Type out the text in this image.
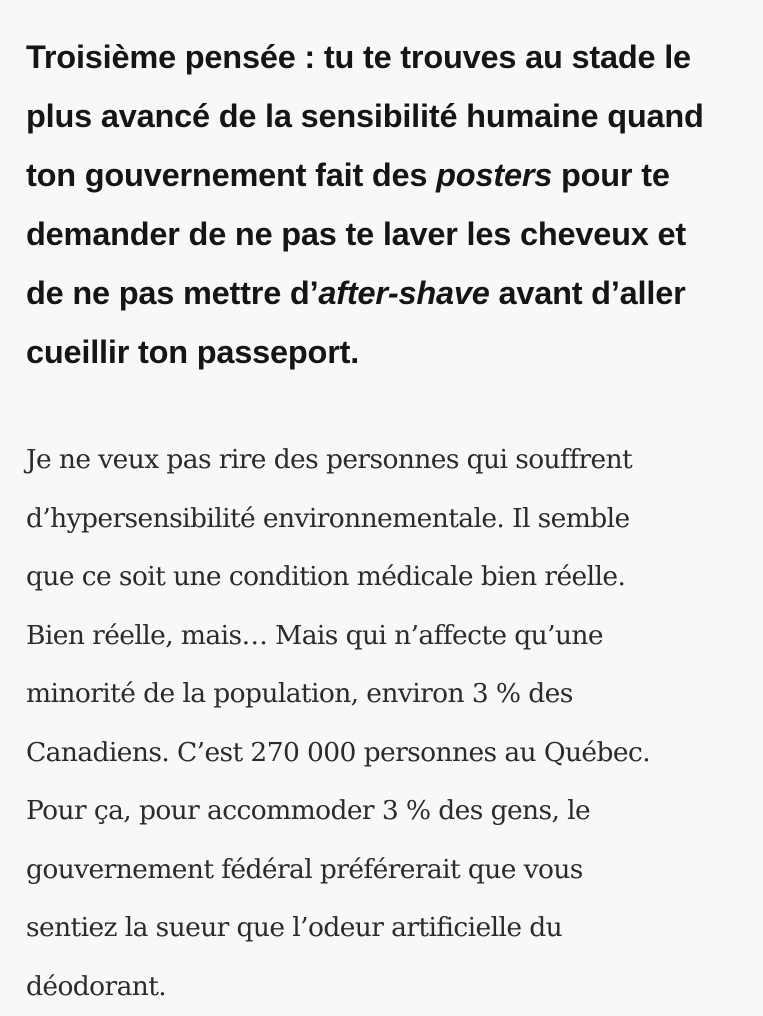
Troisième pensée : tu te trouves au stade le
plus avancé de la sensibilité humaine quand
ton gouvernement fait des posters pour te
demander de ne pas te laver les cheveux et
de ne pas mettre d’after-shave avant d’aller
cueillir ton passeport.

Je ne veux pas rire des personnes qui souffrent
d’hypersensibilité environnementale. Il semble
que ce soit une condition médicale bien réelle.
Bien réelle, mais… Mais qui n’affecte qu’une
minorité de la population, environ 3 % des
Canadiens. C’est 270 000 personnes au Québec.
Pour ça, pour accommoder 3 % des gens, le
gouvernement fédéral préférerait que vous
sentiez la sueur que l’odeur artificielle du
déodorant.
